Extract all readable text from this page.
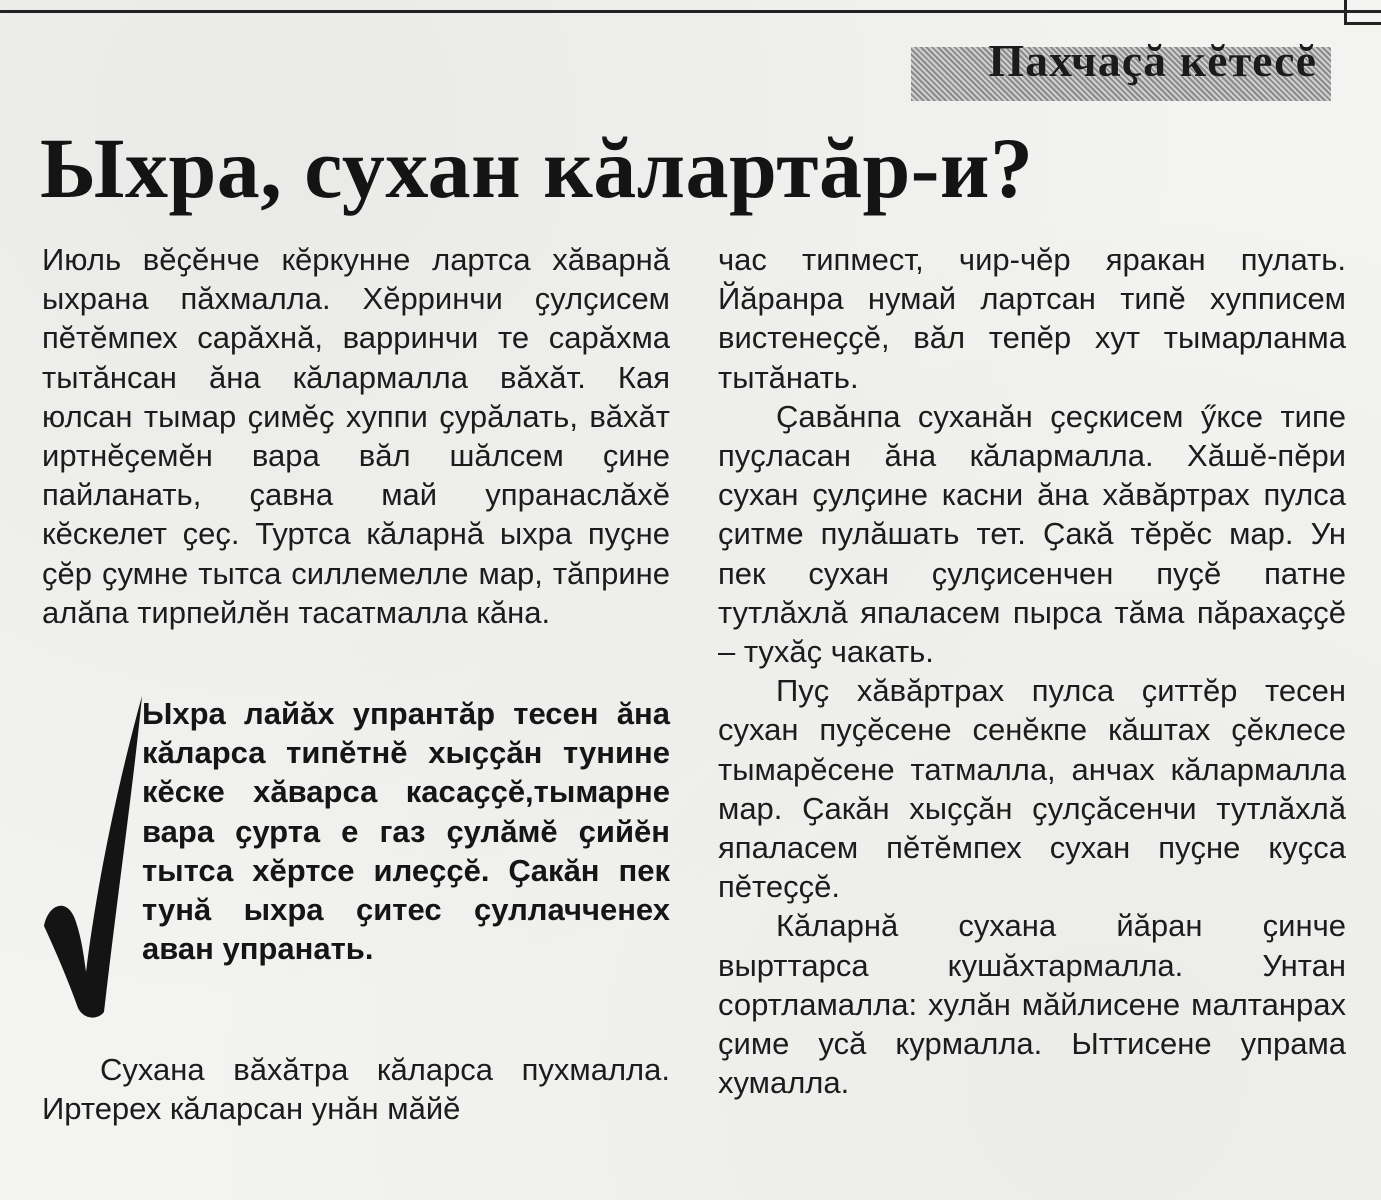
Пахчаҫă кĕтесĕ
Ыхра, сухан кăлартăр-и?

Июль вĕҫĕнче кĕркунне лартса хăварнă ыхрана пăхмалла. Хĕрринчи ҫулҫисем пĕтĕмпех сарăхнă, варринчи те сарăхма тытăнсан ăна кăлармалла вăхăт. Кая юлсан тымар ҫимĕҫ хуппи ҫурăлать, вăхăт иртнĕҫемĕн вара вăл шăлсем ҫине пайланать, ҫавна май упранаслăхĕ кĕскелет ҫеҫ. Туртса кăларнă ыхра пуҫне ҫĕр ҫумне тытса силлемелле мар, тăприне алăпа тирпейлĕн тасатмалла кăна.

Ыхра лайăх упрантăр тесен ăна кăларса типĕтнĕ хыҫҫăн тунине кĕске хăварса касаҫҫĕ,тымарне вара ҫурта е газ ҫулăмĕ ҫийĕн тытса хĕртсе илеҫҫĕ. Ҫакăн пек тунă ыхра ҫитес ҫуллачченех аван упранать.

Сухана вăхăтра кăларса пухмалла. Иртерех кăларсан унăн мăйĕ

час типмест, чир-чĕр яракан пулать. Йăранра нумай лартсан типĕ хупписем вистенеҫҫĕ, вăл тепĕр хут тымарланма тытăнать.

Ҫавăнпа суханăн ҫеҫкисем ӳксе типе пуҫласан ăна кăлармалла. Хăшĕ-пĕри сухан ҫулҫине касни ăна хăвăртрах пулса ҫитме пулăшать тет. Ҫакă тĕрĕс мар. Ун пек сухан ҫулҫисенчен пуҫĕ патне тутлăхлă япаласем пырса тăма пăрахаҫҫĕ – тухăҫ чакать.

Пуҫ хăвăртрах пулса ҫиттĕр тесен сухан пуҫĕсене сенĕкпе кăштах ҫĕклесе тымарĕсене татмалла, анчах кăлармалла мар. Ҫакăн хыҫҫăн ҫулҫăсенчи тутлăхлă япаласем пĕтĕмпех сухан пуҫне куҫса пĕтеҫҫĕ.

Кăларнă сухана йăран ҫинче вырттарса кушăхтармалла. Унтан сортламалла: хулăн мăйлисене малтанрах ҫиме усă курмалла. Ыттисене упрама хумалла.
